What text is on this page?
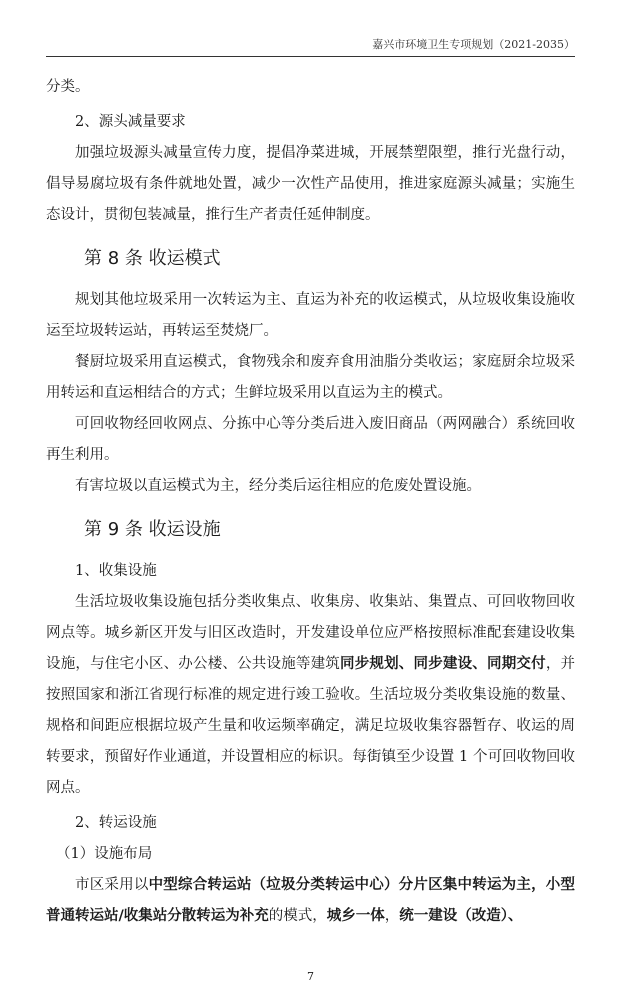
嘉兴市环境卫生专项规划（2021-2035）

分类。

2、源头减量要求

加强垃圾源头减量宣传力度，提倡净菜进城，开展禁塑限塑，推行光盘行动，倡导易腐垃圾有条件就地处置，减少一次性产品使用，推进家庭源头减量；实施生态设计，贯彻包装减量，推行生产者责任延伸制度。

第 8 条 收运模式

规划其他垃圾采用一次转运为主、直运为补充的收运模式，从垃圾收集设施收运至垃圾转运站，再转运至焚烧厂。

餐厨垃圾采用直运模式，食物残余和废弃食用油脂分类收运；家庭厨余垃圾采用转运和直运相结合的方式；生鲜垃圾采用以直运为主的模式。

可回收物经回收网点、分拣中心等分类后进入废旧商品（两网融合）系统回收再生利用。

有害垃圾以直运模式为主，经分类后运往相应的危废处置设施。

第 9 条 收运设施

1、收集设施

生活垃圾收集设施包括分类收集点、收集房、收集站、集置点、可回收物回收网点等。城乡新区开发与旧区改造时，开发建设单位应严格按照标准配套建设收集设施，与住宅小区、办公楼、公共设施等建筑同步规划、同步建设、同期交付，并按照国家和浙江省现行标准的规定进行竣工验收。生活垃圾分类收集设施的数量、规格和间距应根据垃圾产生量和收运频率确定，满足垃圾收集容器暂存、收运的周转要求，预留好作业通道，并设置相应的标识。每街镇至少设置 1 个可回收物回收网点。

2、转运设施

（1）设施布局

市区采用以中型综合转运站（垃圾分类转运中心）分片区集中转运为主，小型普通转运站/收集站分散转运为补充的模式，城乡一体，统一建设（改造）、

7
